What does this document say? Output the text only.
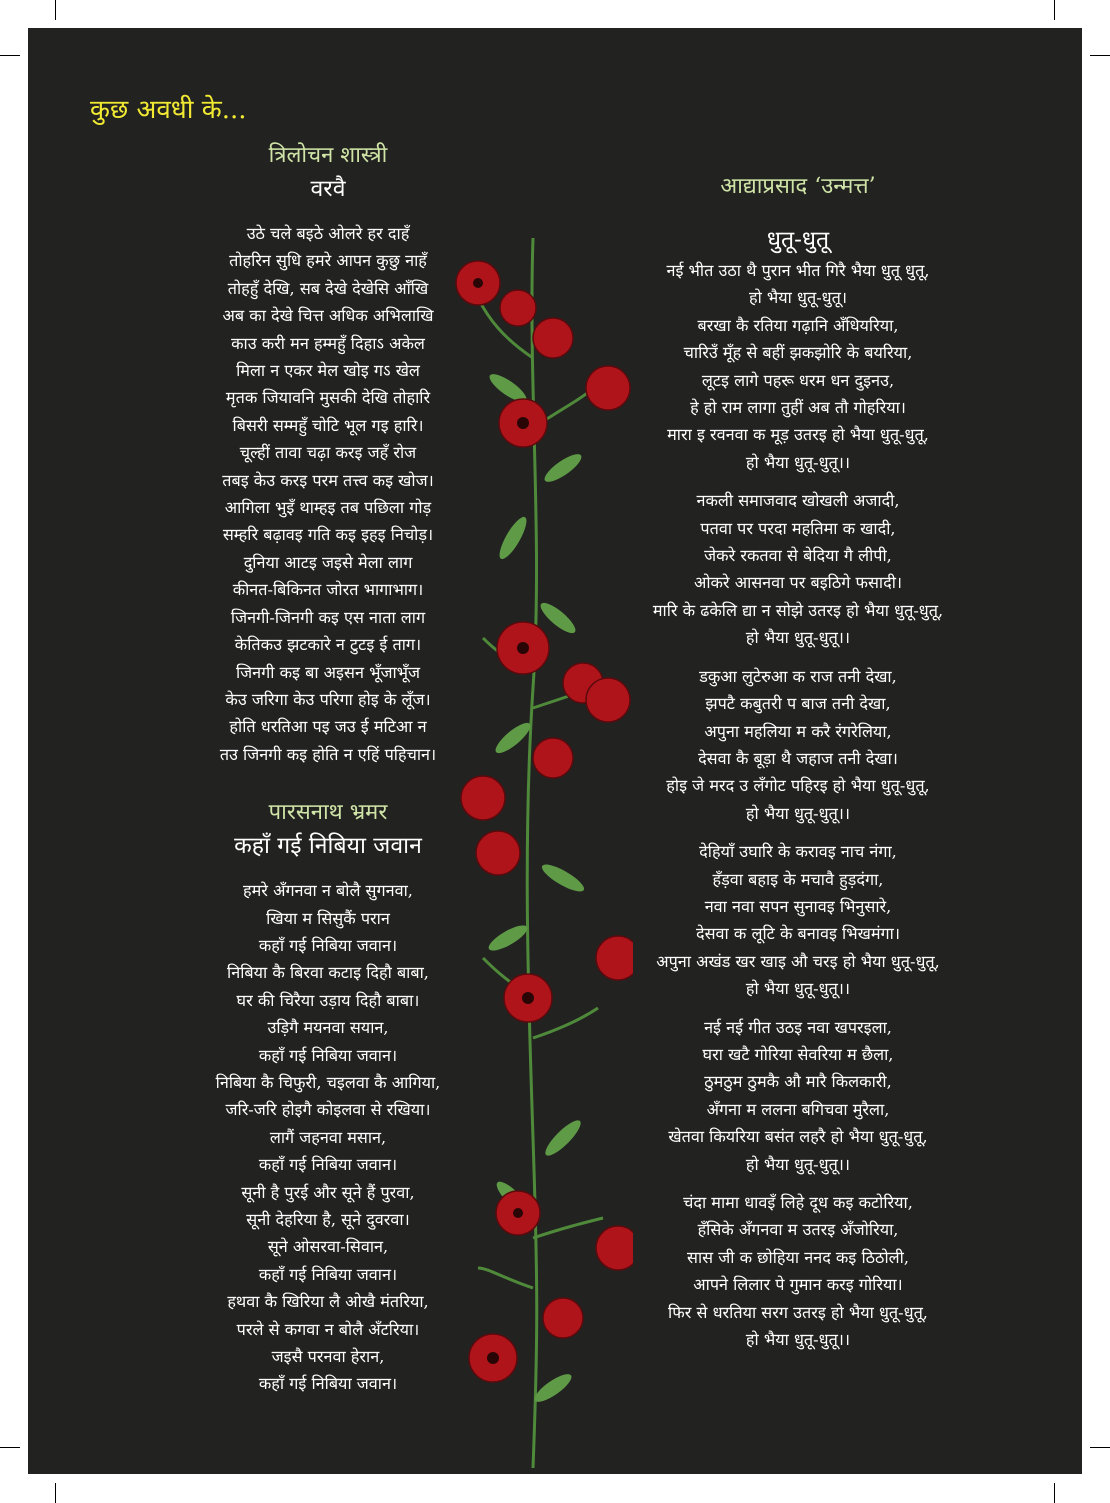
कुछ अवधी के...
त्रिलोचन शास्त्री
वरवै
उठे चले बइठे ओलरे हर दाहँ
तोहरिन सुधि हमरे आपन कुछु नाहँ
तोहहुँ देखि, सब देखे देखेसि आँखि
अब का देखे चित्त अधिक अभिलाखि
काउ करी मन हम्महुँ दिहाऽ अकेल
मिला न एकर मेल खोइ गऽ खेल
मृतक जियावनि मुसकी देखि तोहारि
बिसरी सम्महुँ चोटि भूल गइ हारि।
चूल्हीं तावा चढ़ा करइ जहँ रोज
तबइ केउ करइ परम तत्त्व कइ खोज।
आगिला भुइँ थाम्हइ तब पछिला गोड़
सम्हरि बढ़ावइ गति कइ इहइ निचोड़।
दुनिया आटइ जइसे मेला लाग
कीनत-बिकिनत जोरत भागाभाग।
जिनगी-जिनगी कइ एस नाता लाग
केतिकउ झटकारे न टुटइ ई ताग।
जिनगी कइ बा अइसन भूँजाभूँज
केउ जरिगा केउ परिगा होइ के लूँज।
होति धरतिआ पइ जउ ई मटिआ न
तउ जिनगी कइ होति न एहिं पहिचान।
पारसनाथ भ्रमर
कहाँ गई निबिया जवान
हमरे अँगनवा न बोलै सुगनवा,
खिया म सिसुकैं परान
कहाँ गई निबिया जवान।
निबिया कै बिरवा कटाइ दिहौ बाबा,
घर की चिरैया उड़ाय दिहौ बाबा।
उड़िगै मयनवा सयान,
कहाँ गई निबिया जवान।
निबिया कै चिफुरी, चइलवा कै आगिया,
जरि-जरि होइगै कोइलवा से रखिया।
लागैं जहनवा मसान,
कहाँ गई निबिया जवान।
सूनी है पुरई और सूने हैं पुरवा,
सूनी देहरिया है, सूने दुवरवा।
सूने ओसरवा-सिवान,
कहाँ गई निबिया जवान।
हथवा कै खिरिया लै ओखै मंतरिया,
परले से कगवा न बोलै अँटरिया।
जइसै परनवा हेरान,
कहाँ गई निबिया जवान।
आद्याप्रसाद ‘उन्मत्त’
धुतू-धुतू
नई भीत उठा थै पुरान भीत गिरै भैया धुतू धुतू,
हो भैया धुतू-धुतू।
बरखा कै रतिया गढ़ानि अँधियरिया,
चारिउँ मूँह से बहीं झकझोरि के बयरिया,
लूटइ लागे पहरू धरम धन दुइनउ,
हे हो राम लागा तुहीं अब तौ गोहरिया।
मारा इ रवनवा क मूड़ उतरइ हो भैया धुतू-धुतू,
हो भैया धुतू-धुतू।।
नकली समाजवाद खोखली अजादी,
पतवा पर परदा महतिमा क खादी,
जेकरे रकतवा से बेदिया गै लीपी,
ओकरे आसनवा पर बइठिगे फसादी।
मारि के ढकेलि द्या न सोझे उतरइ हो भैया धुतू-धुतू,
हो भैया धुतू-धुतू।।
डकुआ लुटेरुआ क राज तनी देखा,
झपटै कबुतरी प बाज तनी देखा,
अपुना महलिया म करै रंगरेलिया,
देसवा कै बूड़ा थै जहाज तनी देखा।
होइ जे मरद उ लँगोट पहिरइ हो भैया धुतू-धुतू,
हो भैया धुतू-धुतू।।
देहियाँ उघारि के करावइ नाच नंगा,
हँड़वा बहाइ के मचावै हुड़दंगा,
नवा नवा सपन सुनावइ भिनुसारे,
देसवा क लूटि के बनावइ भिखमंगा।
अपुना अखंड खर खाइ औ चरइ हो भैया धुतू-धुतू,
हो भैया धुतू-धुतू।।
नई नई गीत उठइ नवा खपरइला,
घरा खटै गोरिया सेवरिया म छैला,
ठुमठुम ठुमकै औ मारै किलकारी,
अँगना म ललना बगिचवा मुरैला,
खेतवा कियरिया बसंत लहरै हो भैया धुतू-धुतू,
हो भैया धुतू-धुतू।।
चंदा मामा धावइँ लिहे दूध कइ कटोरिया,
हँसिके अँगनवा म उतरइ अँजोरिया,
सास जी क छोहिया ननद कइ ठिठोली,
आपने लिलार पे गुमान करइ गोरिया।
फिर से धरतिया सरग उतरइ हो भैया धुतू-धुतू,
हो भैया धुतू-धुतू।।
